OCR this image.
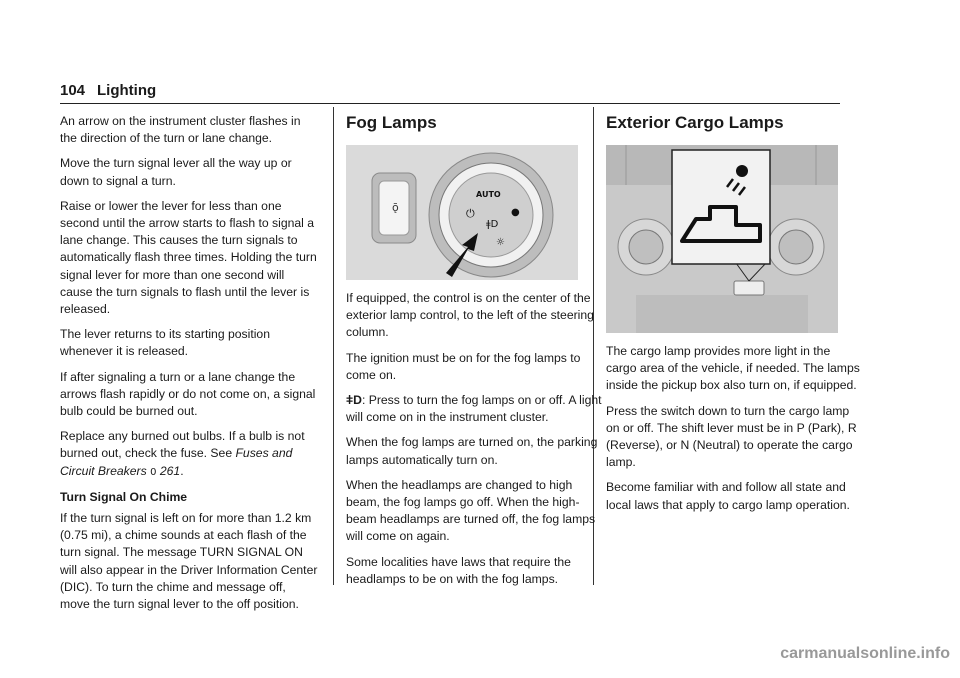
104 Lighting

An arrow on the instrument cluster flashes in the direction of the turn or lane change.

Move the turn signal lever all the way up or down to signal a turn.

Raise or lower the lever for less than one second until the arrow starts to flash to signal a lane change. This causes the turn signals to automatically flash three times. Holding the turn signal lever for more than one second will cause the turn signals to flash until the lever is released.

The lever returns to its starting position whenever it is released.

If after signaling a turn or a lane change the arrows flash rapidly or do not come on, a signal bulb could be burned out.

Replace any burned out bulbs. If a bulb is not burned out, check the fuse. See Fuses and Circuit Breakers 0 261.

Turn Signal On Chime

If the turn signal is left on for more than 1.2 km (0.75 mi), a chime sounds at each flash of the turn signal. The message TURN SIGNAL ON will also appear in the Driver Information Center (DIC). To turn the chime and message off, move the turn signal lever to the off position.

Fog Lamps
ǭ
AUTO
⏻
ǂD
●
☼

If equipped, the control is on the center of the exterior lamp control, to the left of the steering column.

The ignition must be on for the fog lamps to come on.

ǂD: Press to turn the fog lamps on or off. A light will come on in the instrument cluster.

When the fog lamps are turned on, the parking lamps automatically turn on.

When the headlamps are changed to high beam, the fog lamps go off. When the high-beam headlamps are turned off, the fog lamps will come on again.

Some localities have laws that require the headlamps to be on with the fog lamps.

Exterior Cargo Lamps

The cargo lamp provides more light in the cargo area of the vehicle, if needed. The lamps inside the pickup box also turn on, if equipped.

Press the switch down to turn the cargo lamp on or off. The shift lever must be in P (Park), R (Reverse), or N (Neutral) to operate the cargo lamp.

Become familiar with and follow all state and local laws that apply to cargo lamp operation.

carmanualsonline.info
